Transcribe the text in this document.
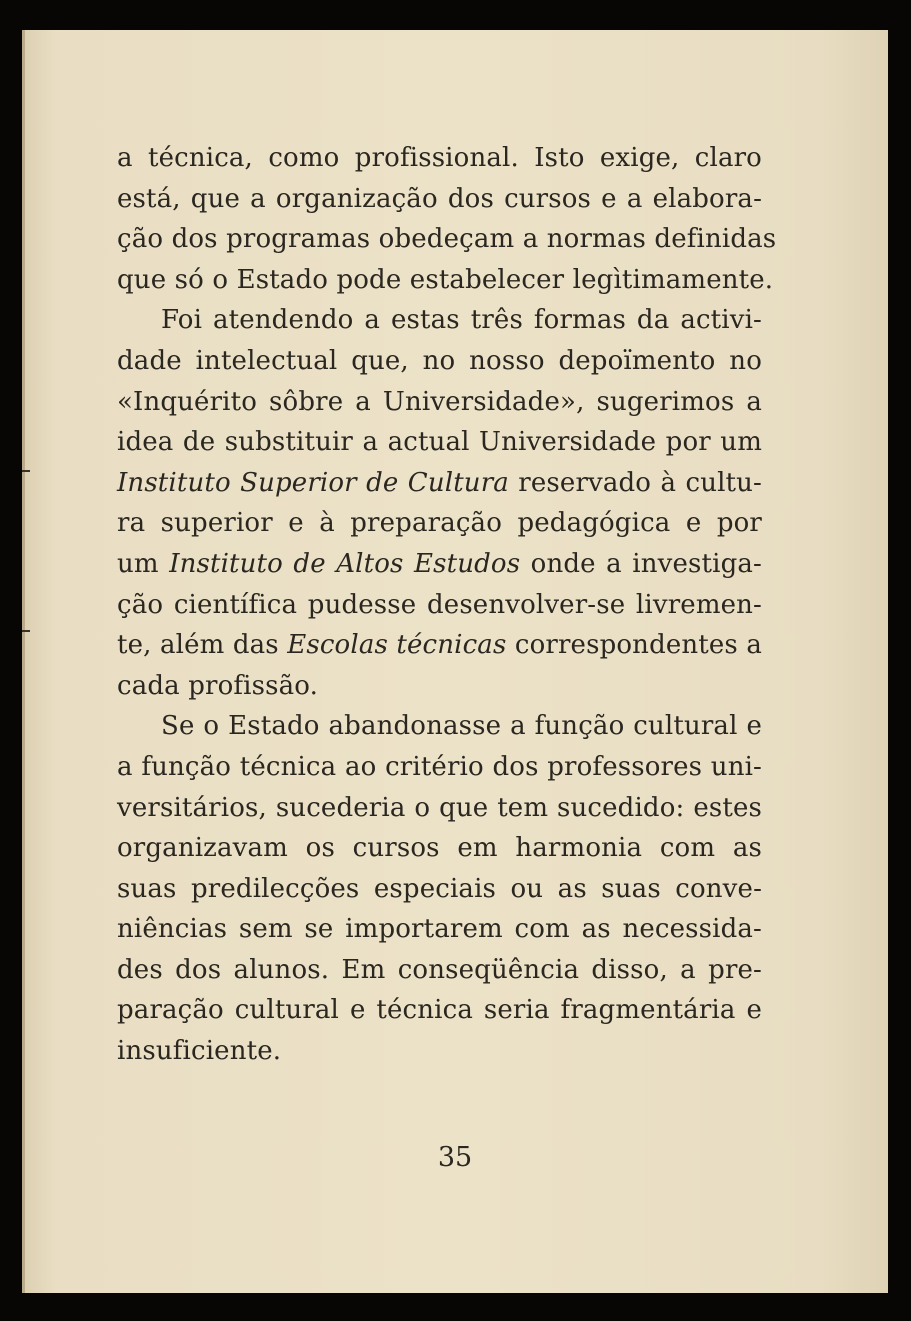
a técnica, como profissional. Isto exige, claro
está, que a organização dos cursos e a elabora-
ção dos programas obedeçam a normas definidas
que só o Estado pode estabelecer legìtimamente.
Foi atendendo a estas três formas da activi-
dade intelectual que, no nosso depoïmento no
«Inquérito sôbre a Universidade», sugerimos a
idea de substituir a actual Universidade por um
Instituto Superior de Cultura reservado à cultu-
ra superior e à preparação pedagógica e por
um Instituto de Altos Estudos onde a investiga-
ção científica pudesse desenvolver-se livremen-
te, além das Escolas técnicas correspondentes a
cada profissão.
Se o Estado abandonasse a função cultural e
a função técnica ao critério dos professores uni-
versitários, sucederia o que tem sucedido: estes
organizavam os cursos em harmonia com as
suas predilecções especiais ou as suas conve-
niências sem se importarem com as necessida-
des dos alunos. Em conseqüência disso, a pre-
paração cultural e técnica seria fragmentária e
insuficiente.
35
